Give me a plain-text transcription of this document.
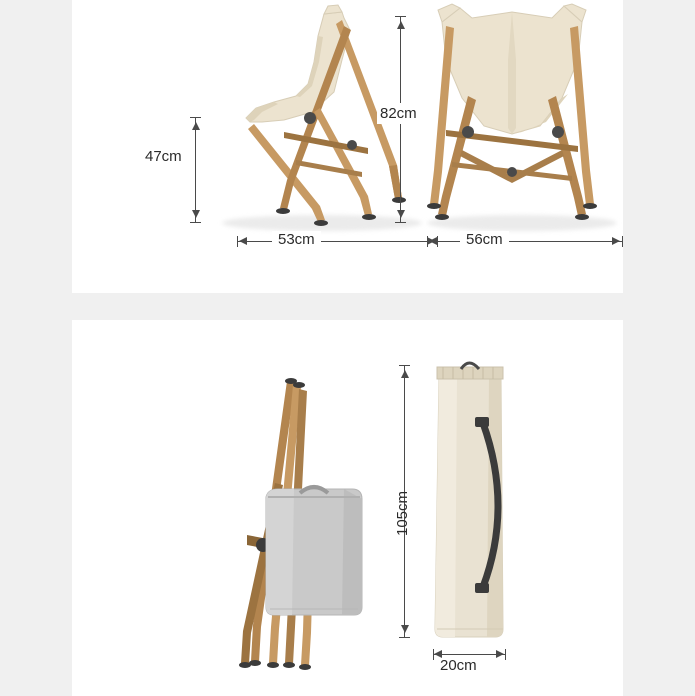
47cm
53cm
82cm
56cm
105cm
20cm
